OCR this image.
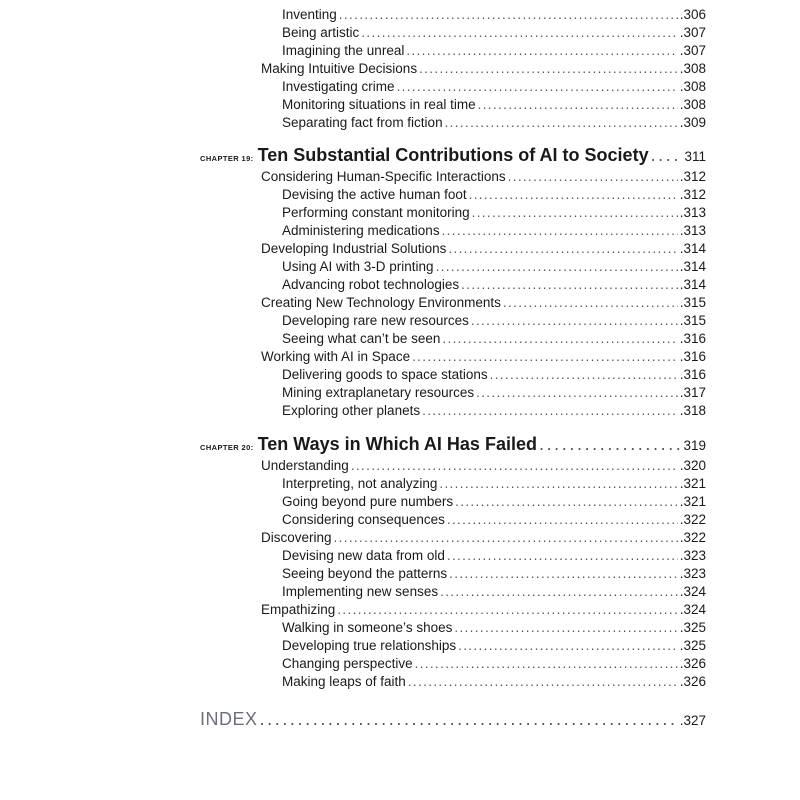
Inventing . . .	.306
Being artistic . . .	.307
Imagining the unreal . . .	.307
Making Intuitive Decisions . . .	.308
Investigating crime . . .	.308
Monitoring situations in real time . . .	.308
Separating fact from fiction . . .	.309
CHAPTER 19: Ten Substantial Contributions of AI to Society . . .	311
Considering Human-Specific Interactions . . .	.312
Devising the active human foot . . .	.312
Performing constant monitoring . . .	.313
Administering medications . . .	.313
Developing Industrial Solutions . . .	.314
Using AI with 3-D printing . . .	.314
Advancing robot technologies . . .	.314
Creating New Technology Environments . . .	.315
Developing rare new resources . . .	.315
Seeing what can’t be seen . . .	.316
Working with AI in Space . . .	.316
Delivering goods to space stations . . .	.316
Mining extraplanetary resources . . .	.317
Exploring other planets . . .	.318
CHAPTER 20: Ten Ways in Which AI Has Failed . . .	319
Understanding . . .	.320
Interpreting, not analyzing . . .	.321
Going beyond pure numbers . . .	.321
Considering consequences . . .	.322
Discovering . . .	.322
Devising new data from old . . .	.323
Seeing beyond the patterns . . .	.323
Implementing new senses . . .	.324
Empathizing . . .	.324
Walking in someone’s shoes . . .	.325
Developing true relationships . . .	.325
Changing perspective . . .	.326
Making leaps of faith . . .	.326
INDEX . . .	.327
